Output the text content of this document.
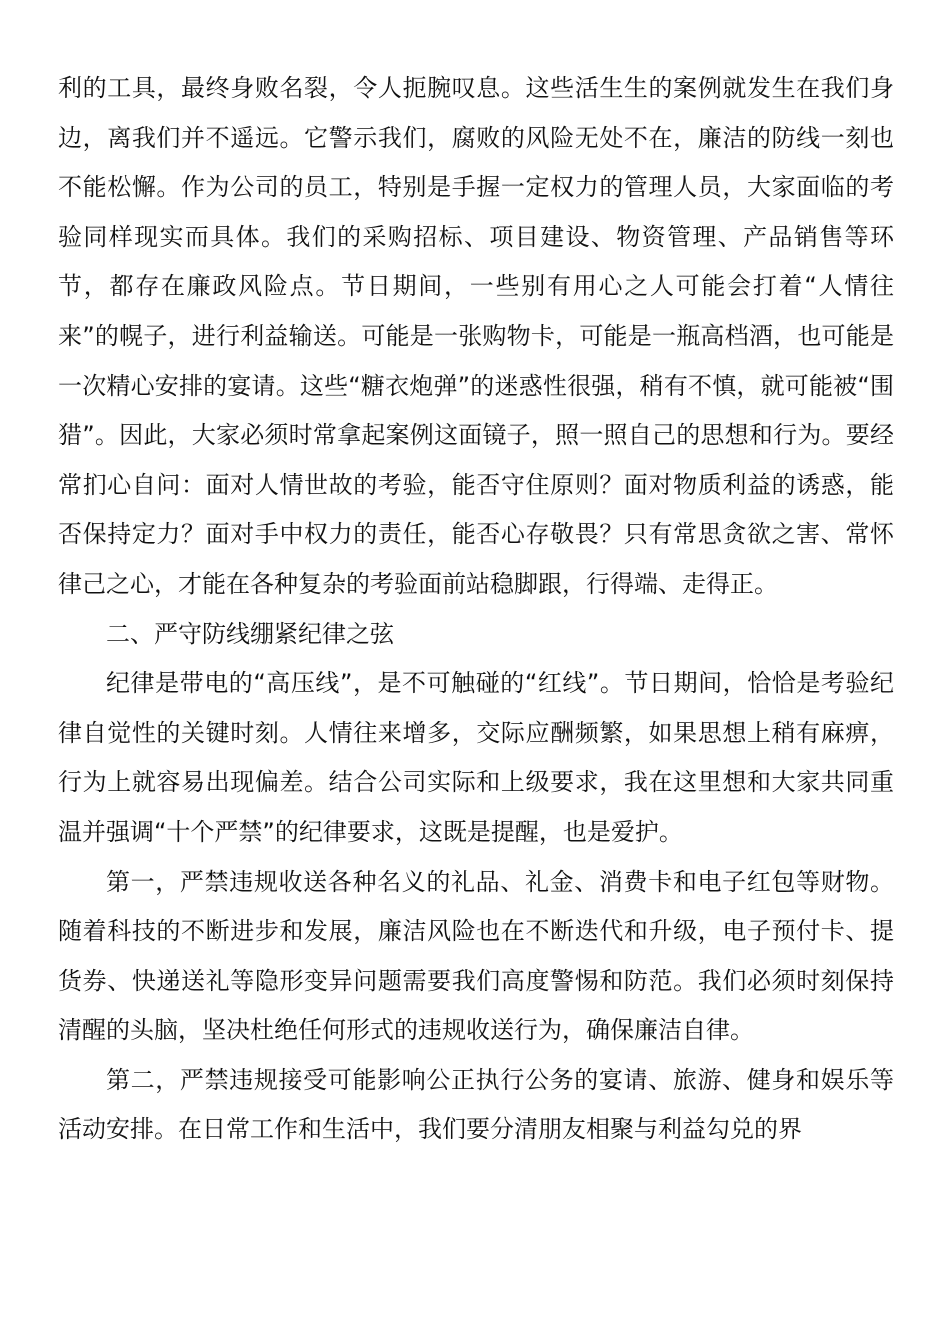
利的工具，最终身败名裂，令人扼腕叹息。这些活生生的案例就发生在我们身边，离我们并不遥远。它警示我们，腐败的风险无处不在，廉洁的防线一刻也不能松懈。作为公司的员工，特别是手握一定权力的管理人员，大家面临的考验同样现实而具体。我们的采购招标、项目建设、物资管理、产品销售等环节，都存在廉政风险点。节日期间，一些别有用心之人可能会打着“人情往来”的幌子，进行利益输送。可能是一张购物卡，可能是一瓶高档酒，也可能是一次精心安排的宴请。这些“糖衣炮弹”的迷惑性很强，稍有不慎，就可能被“围猎”。因此，大家必须时常拿起案例这面镜子，照一照自己的思想和行为。要经常扪心自问：面对人情世故的考验，能否守住原则？面对物质利益的诱惑，能否保持定力？面对手中权力的责任，能否心存敬畏？只有常思贪欲之害、常怀律己之心，才能在各种复杂的考验面前站稳脚跟，行得端、走得正。

二、严守防线绷紧纪律之弦

纪律是带电的“高压线”，是不可触碰的“红线”。节日期间，恰恰是考验纪律自觉性的关键时刻。人情往来增多，交际应酬频繁，如果思想上稍有麻痹，行为上就容易出现偏差。结合公司实际和上级要求，我在这里想和大家共同重温并强调“十个严禁”的纪律要求，这既是提醒，也是爱护。

第一，严禁违规收送各种名义的礼品、礼金、消费卡和电子红包等财物。随着科技的不断进步和发展，廉洁风险也在不断迭代和升级，电子预付卡、提货券、快递送礼等隐形变异问题需要我们高度警惕和防范。我们必须时刻保持清醒的头脑，坚决杜绝任何形式的违规收送行为，确保廉洁自律。

第二，严禁违规接受可能影响公正执行公务的宴请、旅游、健身和娱乐等活动安排。在日常工作和生活中，我们要分清朋友相聚与利益勾兑的界
